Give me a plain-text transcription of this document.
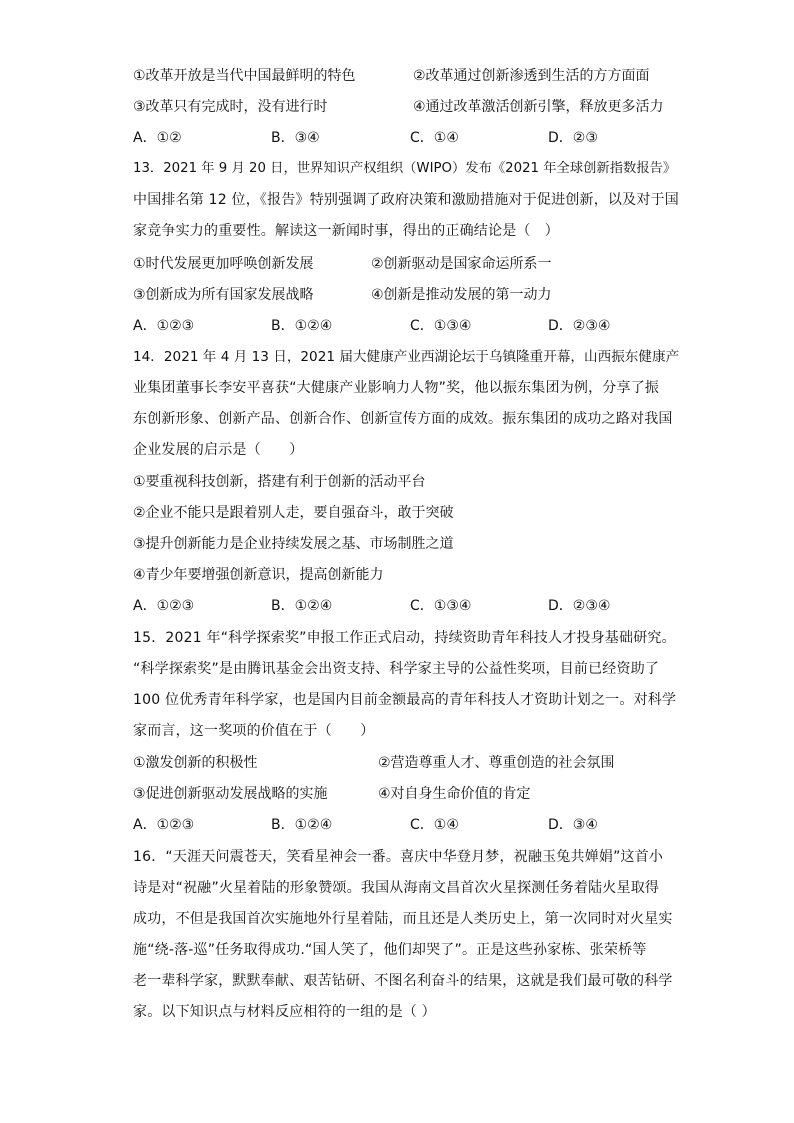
①改革开放是当代中国最鲜明的特色	②改革通过创新渗透到生活的方方面面
③改革只有完成时，没有进行时	④通过改革激活创新引擎，释放更多活力
A．①②	B．③④	C．①④	D．②③
13．2021 年 9 月 20 日，世界知识产权组织（WIPO）发布《2021 年全球创新指数报告》
中国排名第 12 位，《报告》特别强调了政府决策和激励措施对于促进创新，以及对于国
家竞争实力的重要性。解读这一新闻时事，得出的正确结论是（　）
①时代发展更加呼唤创新发展	②创新驱动是国家命运所系一
③创新成为所有国家发展战略	④创新是推动发展的第一动力
A．①②③	B．①②④	C．①③④	D．②③④
14．2021 年 4 月 13 日，2021 届大健康产业西湖论坛于乌镇隆重开幕，山西振东健康产
业集团董事长李安平喜获“大健康产业影响力人物”奖，他以振东集团为例，分享了振
东创新形象、创新产品、创新合作、创新宣传方面的成效。振东集团的成功之路对我国
企业发展的启示是（　　）
①要重视科技创新，搭建有利于创新的活动平台
②企业不能只是跟着别人走，要自强奋斗，敢于突破
③提升创新能力是企业持续发展之基、市场制胜之道
④青少年要增强创新意识，提高创新能力
A．①②③	B．①②④	C．①③④	D．②③④
15．2021 年“科学探索奖”申报工作正式启动，持续资助青年科技人才投身基础研究。
“科学探索奖”是由腾讯基金会出资支持、科学家主导的公益性奖项，目前已经资助了
100 位优秀青年科学家，也是国内目前金额最高的青年科技人才资助计划之一。对科学
家而言，这一奖项的价值在于（　　）
①激发创新的积极性	②营造尊重人才、尊重创造的社会氛围
③促进创新驱动发展战略的实施	④对自身生命价值的肯定
A．①②③	B．①②④	C．①④	D．③④
16．“天涯天问震苍天，笑看星神会一番。喜庆中华登月梦，祝融玉兔共婵娟”这首小
诗是对“祝融”火星着陆的形象赞颂。我国从海南文昌首次火星探测任务着陆火星取得
成功，不但是我国首次实施地外行星着陆，而且还是人类历史上，第一次同时对火星实
施“绕-落-巡”任务取得成功.“国人笑了，他们却哭了”。正是这些孙家栋、张荣桥等
老一辈科学家，默默奉献、艰苦钻研、不图名利奋斗的结果，这就是我们最可敬的科学
家。以下知识点与材料反应相符的一组的是（ ）
